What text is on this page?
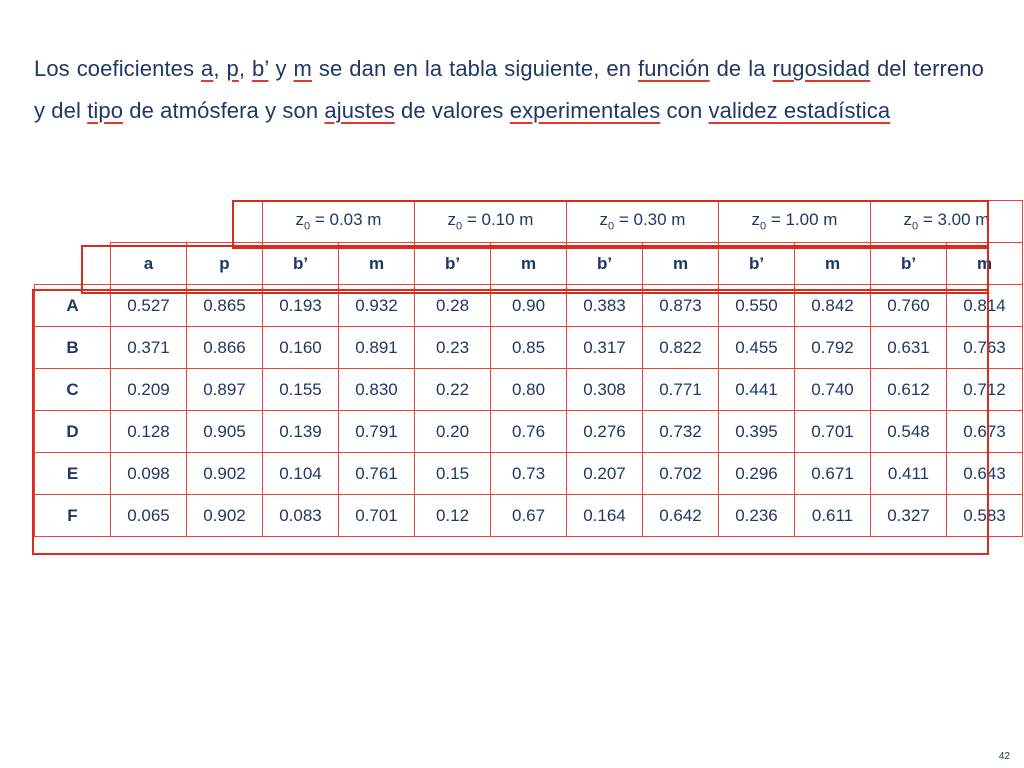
Los coeficientes a, p, b’ y m se dan en la tabla siguiente, en función de la rugosidad del terreno y del tipo de atmósfera y son ajustes de valores experimentales con validez estadística
			$z_0 = 0.03$ m		$z_0 = 0.10$ m		$z_0 = 0.30$ m		$z_0 = 1.00$ m		$z_0 = 3.00$ m	
	a	p	b’	m	b’	m	b’	m	b’	m	b’	m
A	0.527	0.865	0.193	0.932	0.28	0.90	0.383	0.873	0.550	0.842	0.760	0.814
B	0.371	0.866	0.160	0.891	0.23	0.85	0.317	0.822	0.455	0.792	0.631	0.763
C	0.209	0.897	0.155	0.830	0.22	0.80	0.308	0.771	0.441	0.740	0.612	0.712
D	0.128	0.905	0.139	0.791	0.20	0.76	0.276	0.732	0.395	0.701	0.548	0.673
E	0.098	0.902	0.104	0.761	0.15	0.73	0.207	0.702	0.296	0.671	0.411	0.643
F	0.065	0.902	0.083	0.701	0.12	0.67	0.164	0.642	0.236	0.611	0.327	0.583
42
